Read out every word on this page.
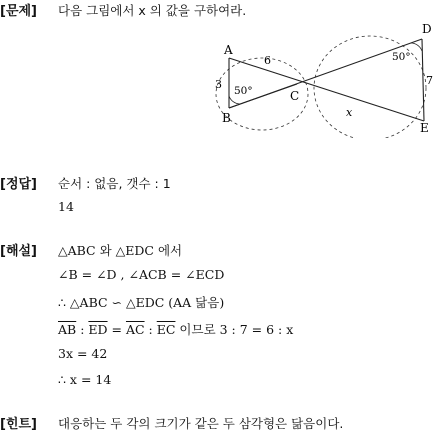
[문제] 다음 그림에서 x 의 값을 구하여라.
A
B
C
D
E
3	7
6
x
50°
50°
[정답] 순서 : 없음, 갯수 : 1
14
[해설] △ABC 와 △EDC 에서
∠B = ∠D , ∠ACB = ∠ECD
∴ △ABC ∽ △EDC (AA 닮음)
$\overline{AB}$ : $\overline{ED} = \overline{AC}$ : $\overline{EC}$ 이므로 3 : 7 = 6 : x
3x = 42
∴ x = 14
[힌트] 대응하는 두 각의 크기가 같은 두 삼각형은 닮음이다.
